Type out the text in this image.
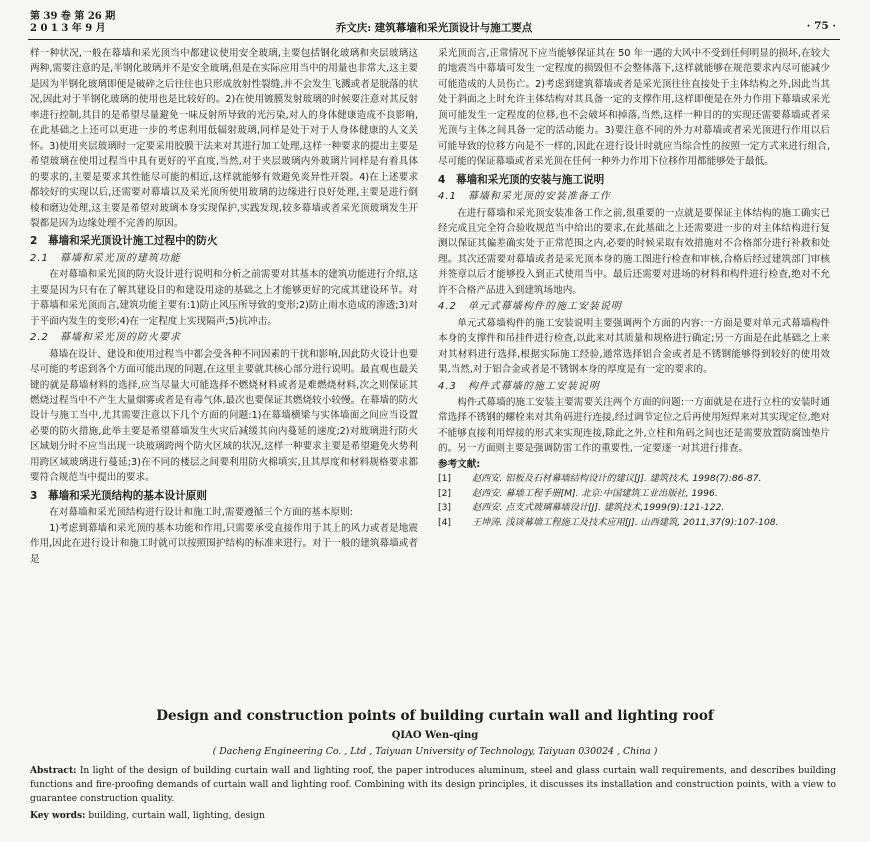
第 39 卷 第 26 期
2 0 1 3 年 9 月	乔文庆: 建筑幕墙和采光顶设计与施工要点	· 75 ·

样一种状况,一般在幕墙和采光顶当中都建议使用安全玻璃,主要包括钢化玻璃和夹层玻璃这两种,需要注意的是,半钢化玻璃并不是安全玻璃,但是在实际应用当中的用量也非常大,这主要是因为半钢化玻璃即便是破碎之后往往也只形成放射性裂缝,并不会发生飞溅或者是脱落的状况,因此对于半钢化玻璃的使用也是比较好的。2)在使用镀膜发射玻璃的时候要注意对其反射率进行控制,其目的是希望尽量避免一味反射所导致的光污染,对人的身体健康造成不良影响,在此基础之上还可以更进一步的考虑利用低辐射玻璃,同样是处于对于人身体健康的人文关怀。3)使用夹层玻璃时一定要采用胶膜干法来对其进行加工处理,这样一种要求的提出主要是希望玻璃在使用过程当中具有更好的平直度,当然,对于夹层玻璃内外玻璃片同样是有着具体的要求的,主要是要求其性能尽可能的相近,这样就能够有效避免炎异性开裂。4)在上述要求都较好的实现以后,还需要对幕墙以及采光顶所使用玻璃的边缘进行良好处理,主要是进行倒棱和磨边处理,这主要是希望对玻璃本身实现保护,实践发现,较多幕墙或者采光顶玻璃发生开裂都是因为边缘处理不完善的原因。

2　幕墙和采光顶设计施工过程中的防火
2.1　幕墙和采光顶的建筑功能

在对幕墙和采光顶的防火设计进行说明和分析之前需要对其基本的建筑功能进行介绍,这主要是因为只有在了解其建设目的和建设用途的基础之上才能够更好的完成其建设环节。对于幕墙和采光顶而言,建筑功能主要有:1)防止风压所导致的变形;2)防止雨水造成的渗透;3)对于平面内发生的变形;4)在一定程度上实现隔声;5)抗冲击。

2.2　幕墙和采光顶的防火要求

幕墙在设计、建设和使用过程当中都会受各种不同因素的干扰和影响,因此防火设计也要尽可能的考虑到各个方面可能出现的问题,在这里主要就其核心部分进行说明。最直观也最关键的就是幕墙材料的选择,应当尽量大可能选择不燃烧材料或者是难燃烧材料,次之则保证其燃烧过程当中不产生大量烟雾或者是有毒气体,最次也要保证其燃烧较小较慢。在幕墙的防火设计与施工当中,尤其需要注意以下几个方面的问题:1)在幕墙横梁与实体墙面之间应当设置必要的防火措施,此举主要是希望幕墙发生火灾后减缓其向内蔓延的速度;2)对玻璃进行防火区域划分时不应当出现一块玻璃跨两个防火区域的状况,这样一种要求主要是希望避免火势利用跨区域玻璃进行蔓延;3)在不同的楼层之间要利用防火棉填实,且其厚度和材料规格要求都要符合规范当中提出的要求。

3　幕墙和采光顶结构的基本设计原则

在对幕墙和采光顶结构进行设计和施工时,需要遵循三个方面的基本原则:

1)考虑到幕墙和采光顶的基本功能和作用,只需要承受直接作用于其上的风力或者是地震作用,因此在进行设计和施工时就可以按照围护结构的标准来进行。对于一般的建筑幕墙或者是

采光顶而言,正常情况下应当能够保证其在 50 年一遇的大风中不受到任何明显的损坏,在较大的地震当中幕墙可发生一定程度的损毁但不会整体落下,这样就能够在规范要求内尽可能减少可能造成的人员伤亡。2)考虑到建筑幕墙或者是采光顶往往直接处于主体结构之外,因此当其处于斜面之上时允许主体结构对其具备一定的支撑作用,这样即便是在外力作用下幕墙或采光顶可能发生一定程度的位移,也不会破坏和掉落,当然,这样一种目的的实现还需要幕墙或者采光顶与主体之间具备一定的活动能力。3)要注意不同的外力对幕墙或者采光顶进行作用以后可能导致的位移方向是不一样的,因此在进行设计时就应当综合性的按照一定方式来进行组合,尽可能的保证幕墙或者采光顶在任何一种外力作用下位移作用都能够处于最低。

4　幕墙和采光顶的安装与施工说明
4.1　幕墙和采光顶的安装准备工作

在进行幕墙和采光顶安装准备工作之前,很重要的一点就是要保证主体结构的施工确实已经完成且完全符合验收规范当中给出的要求,在此基础之上还需要进一步的对主体结构进行复测以保证其偏差确实处于正常范围之内,必要的时候采取有效措施对不合格部分进行补救和处理。其次还需要对幕墙或者是采光顶本身的施工图进行检查和审核,合格后经过建筑部门审核并签章以后才能够投入到正式使用当中。最后还需要对进场的材料和构件进行检查,绝对不允许不合格产品进入到建筑场地内。

4.2　单元式幕墙构件的施工安装说明

单元式幕墙构件的施工安装说明主要强调两个方面的内容:一方面是要对单元式幕墙构件本身的支撑件和吊挂件进行检查,以此来对其质量和规格进行确定;另一方面是在此基础之上来对其材料进行选择,根据实际施工经验,通常选择铝合金或者是不锈钢能够得到较好的使用效果,当然,对于铝合金或者是不锈钢本身的厚度是有一定的要求的。

4.3　构件式幕墙的施工安装说明

构件式幕墙的施工安装主要需要关注两个方面的问题:一方面就是在进行立柱的安装时通常选择不锈钢的螺栓来对其角码进行连接,经过调节定位之后再使用短焊来对其实现定位,绝对不能够直接利用焊接的形式来实现连接,除此之外,立柱和角码之间也还是需要放置防腐蚀垫片的。另一方面则主要是强调防雷工作的重要性,一定要逐一对其进行排查。

参考文献:
[1]	赵西安. 铝板及石材幕墙结构设计的建议[J]. 建筑技术, 1998(7):86-87.
[2]	赵西安. 幕墙工程手册[M]. 北京:中国建筑工业出版社, 1996.
[3]	赵西安. 点支式玻璃幕墙设计[J]. 建筑技术,1999(9):121-122.
[4]	王坤涛. 浅谈幕墙工程施工及技术应用[J]. 山西建筑, 2011,37(9):107-108.
Design and construction points of building curtain wall and lighting roof
QIAO Wen-qing
( Dacheng Engineering Co. , Ltd , Taiyuan University of Technology, Taiyuan 030024 , China )
Abstract: In light of the design of building curtain wall and lighting roof, the paper introduces aluminum, steel and glass curtain wall requirements, and describes building functions and fire-proofing demands of curtain wall and lighting roof. Combining with its design principles, it discusses its installation and construction points, with a view to guarantee construction quality.
Key words: building, curtain wall, lighting, design
